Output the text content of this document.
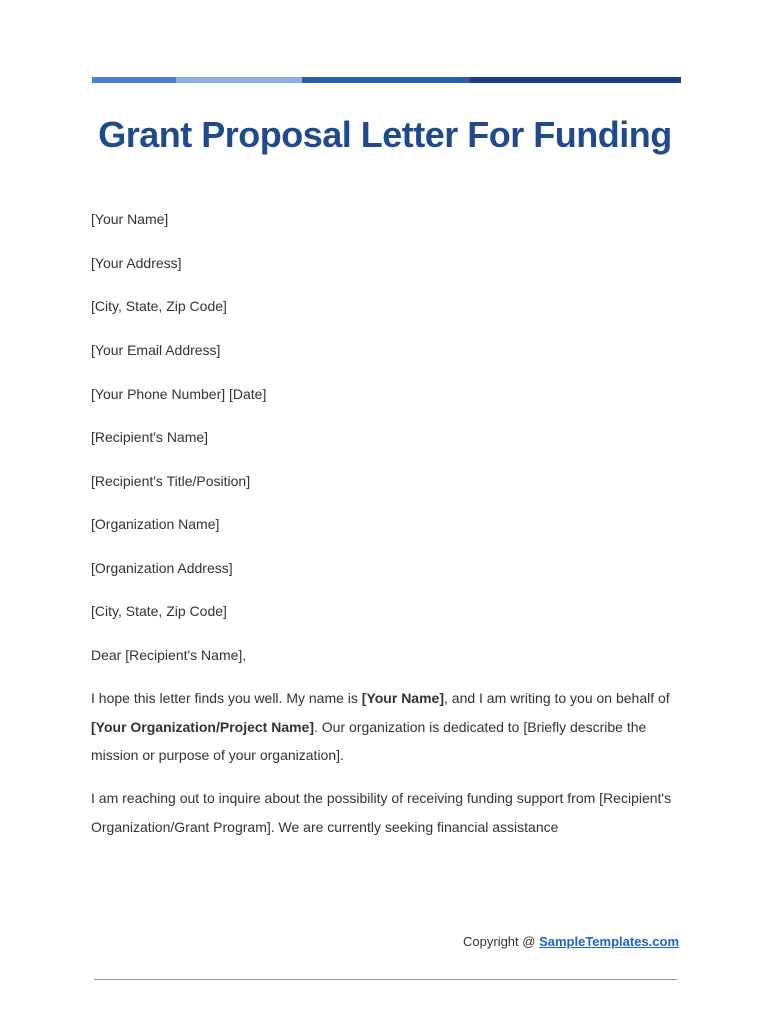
Grant Proposal Letter For Funding

[Your Name]

[Your Address]

[City, State, Zip Code]

[Your Email Address]

[Your Phone Number] [Date]

[Recipient's Name]

[Recipient's Title/Position]

[Organization Name]

[Organization Address]

[City, State, Zip Code]

Dear [Recipient's Name],

I hope this letter finds you well. My name is [Your Name], and I am writing to you on behalf of [Your Organization/Project Name]. Our organization is dedicated to [Briefly describe the mission or purpose of your organization].

I am reaching out to inquire about the possibility of receiving funding support from [Recipient's Organization/Grant Program]. We are currently seeking financial assistance

Copyright @ SampleTemplates.com
